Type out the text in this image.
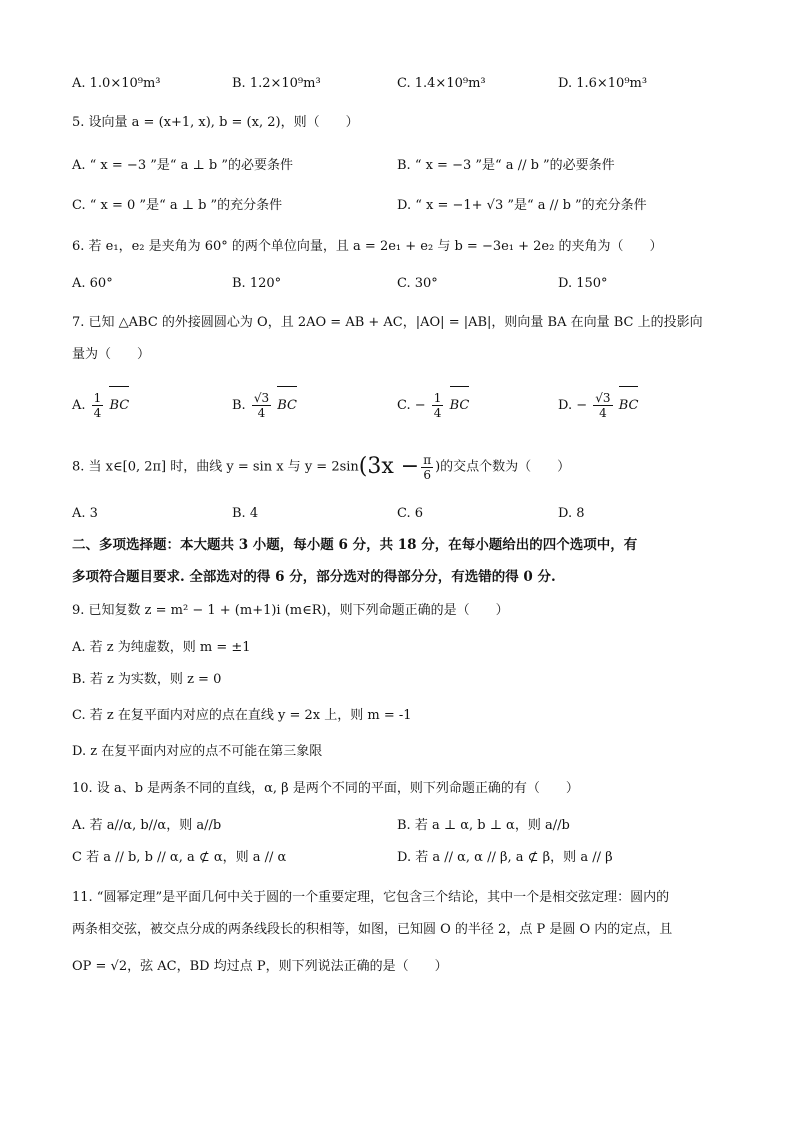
A. 1.0×10⁹m³	B. 1.2×10⁹m³	C. 1.4×10⁹m³	D. 1.6×10⁹m³
5. 设向量 a = (x+1, x), b = (x, 2)，则（　　）
A. “ x = −3 ”是“ a ⊥ b ”的必要条件	B. “ x = −3 ”是“ a // b ”的必要条件
C. “ x = 0 ”是“ a ⊥ b ”的充分条件	D. “ x = −1+ √3 ”是“ a // b ”的充分条件
6. 若 e₁，e₂ 是夹角为 60° 的两个单位向量，且 a = 2e₁ + e₂ 与 b = −3e₁ + 2e₂ 的夹角为（　　）
A. 60°	B. 120°	C. 30°	D. 150°
7. 已知 △ABC 的外接圆圆心为 O，且 2AO = AB + AC，|AO| = |AB|，则向量 BA 在向量 BC 上的投影向
量为（　　）
A. $\frac{1}{4}$ BC	B. $\frac{√3}{4}$ BC	C. − $\frac{1}{4}$ BC	D. − $\frac{√3}{4}$ BC
8. 当 x∈[0, 2π] 时，曲线 y = sin x 与 $y = 2\sin(3x - \frac{\pi}{6}$ )的交点个数为（　　）
A. 3	B. 4	C. 6	D. 8
二、多项选择题：本大题共 3 小题，每小题 6 分，共 18 分，在每小题给出的四个选项中，有
多项符合题目要求. 全部选对的得 6 分，部分选对的得部分分，有选错的得 0 分.
9. 已知复数 z = m² − 1 + (m+1)i (m∈R)，则下列命题正确的是（　　）
A. 若 z 为纯虚数，则 m = ±1
B. 若 z 为实数，则 z = 0
C. 若 z 在复平面内对应的点在直线 y = 2x 上，则 m = -1
D. z 在复平面内对应的点不可能在第三象限
10. 设 a、b 是两条不同的直线，α, β 是两个不同的平面，则下列命题正确的有（　　）
A. 若 a//α, b//α，则 a//b	B. 若 a ⊥ α, b ⊥ α，则 a//b
C 若 a // b, b // α, a ⊄ α，则 a // α	D. 若 a // α, α // β, a ⊄ β，则 a // β
11. “圆幂定理”是平面几何中关于圆的一个重要定理，它包含三个结论，其中一个是相交弦定理：圆内的
两条相交弦，被交点分成的两条线段长的积相等，如图，已知圆 O 的半径 2，点 P 是圆 O 内的定点，且
OP = √2，弦 AC，BD 均过点 P，则下列说法正确的是（　　）
